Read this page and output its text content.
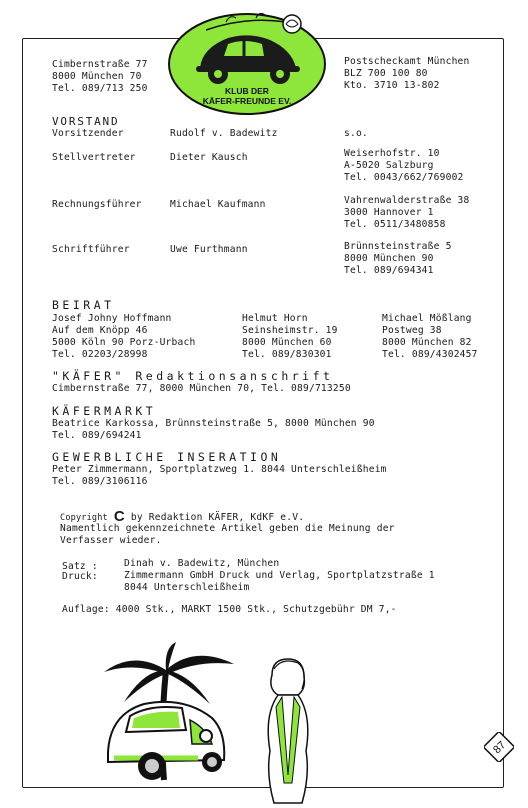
KLUB DER
KÄFER-FREUNDE EV.
Cimbernstraße 77
8000 München 70
Tel. 089/713 250
Postscheckamt München
BLZ 700 100 80
Kto. 3710 13-802
VORSTAND
Vorsitzender	Rudolf v. Badewitz	s.o.
Stellvertreter	Dieter Kausch	Weiserhofstr. 10
A-5020 Salzburg
Tel. 0043/662/769002
Rechnungsführer	Michael Kaufmann	Vahrenwalderstraße 38
3000 Hannover 1
Tel. 0511/3480858
Schriftführer	Uwe Furthmann	Brünnsteinstraße 5
8000 München 90
Tel. 089/694341
BEIRAT
Josef Johny Hoffmann
Auf dem Knöpp 46
5000 Köln 90 Porz-Urbach
Tel. 02203/28998
Helmut Horn
Seinsheimstr. 19
8000 München 60
Tel. 089/830301
Michael Mößlang
Postweg 38
8000 München 82
Tel. 089/4302457
"KÄFER" Redaktionsanschrift
Cimbernstraße 77, 8000 München 70, Tel. 089/713250
KÄFERMARKT
Beatrice Karkossa, Brünnsteinstraße 5, 8000 München 90
Tel. 089/694241
GEWERBLICHE INSERATION
Peter Zimmermann, Sportplatzweg 1. 8044 Unterschleißheim
Tel. 089/3106116
Copyright C by Redaktion KÄFER, KdKF e.V.
Namentlich gekennzeichnete Artikel geben die Meinung der
Verfasser wieder.
Satz :	Dinah v. Badewitz, München
Druck:	Zimmermann GmbH Druck und Verlag, Sportplatzstraße 1
8044 Unterschleißheim
Auflage: 4000 Stk., MARKT 1500 Stk., Schutzgebühr DM 7,-
87
